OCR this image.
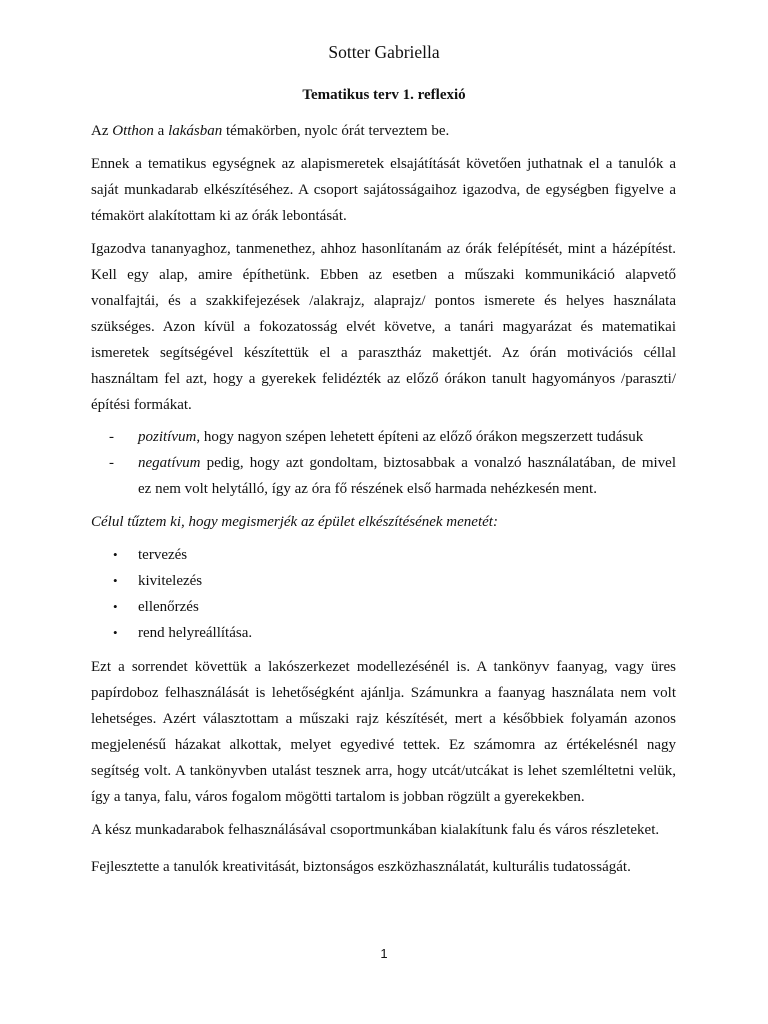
Sotter Gabriella
Tematikus terv 1. reflexió
Az Otthon a lakásban témakörben, nyolc órát terveztem be.
Ennek a tematikus egységnek az alapismeretek elsajátítását követően juthatnak el a tanulók a
saját munkadarab elkészítéséhez. A csoport sajátosságaihoz igazodva, de egységben figyelve a
témakört alakítottam ki az órák lebontását.
Igazodva tananyaghoz, tanmenethez, ahhoz hasonlítanám az órák felépítését, mint a házépítést.
Kell egy alap, amire építhetünk. Ebben az esetben a műszaki kommunikáció alapvető
vonalfajtái, és a szakkifejezések /alakrajz, alaprajz/ pontos ismerete és helyes használata
szükséges. Azon kívül a fokozatosság elvét követve, a tanári magyarázat és matematikai
ismeretek segítségével készítettük el a parasztház makettjét. Az órán motivációs céllal
használtam fel azt, hogy a gyerekek felidézték az előző órákon tanult hagyományos /paraszti/
építési formákat.
- pozitívum, hogy nagyon szépen lehetett építeni az előző órákon megszerzett tudásuk
- negatívum pedig, hogy azt gondoltam, biztosabbak a vonalzó használatában, de mivel
ez nem volt helytálló, így az óra fő részének első harmada nehézkesén ment.
Célul tűztem ki, hogy megismerjék az épület elkészítésének menetét:
• tervezés
• kivitelezés
• ellenőrzés
• rend helyreállítása.
Ezt a sorrendet követtük a lakószerkezet modellezésénél is. A tankönyv faanyag, vagy üres
papírdoboz felhasználását is lehetőségként ajánlja. Számunkra a faanyag használata nem volt
lehetséges. Azért választottam a műszaki rajz készítését, mert a későbbiek folyamán azonos
megjelenésű házakat alkottak, melyet egyedivé tettek. Ez számomra az értékelésnél nagy
segítség volt. A tankönyvben utalást tesznek arra, hogy utcát/utcákat is lehet szemléltetni velük,
így a tanya, falu, város fogalom mögötti tartalom is jobban rögzült a gyerekekben.
A kész munkadarabok felhasználásával csoportmunkában kialakítunk falu és város részleteket.
Fejlesztette a tanulók kreativitását, biztonságos eszközhasználatát, kulturális tudatosságát.
1
